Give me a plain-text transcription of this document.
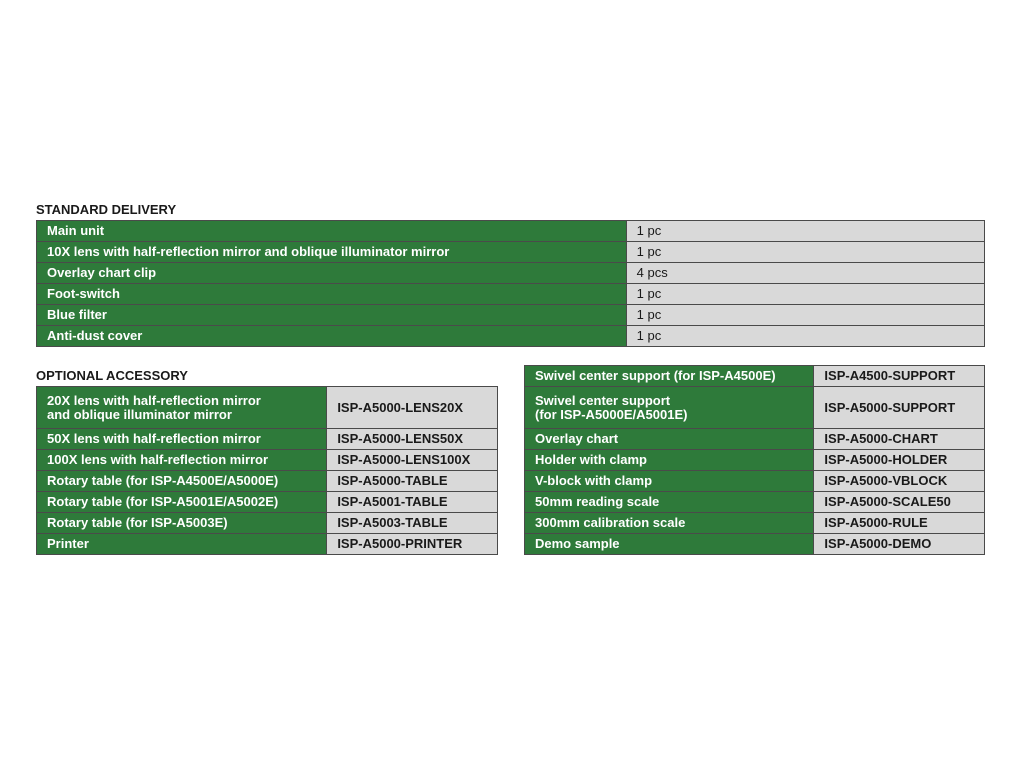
STANDARD DELIVERY
Main unit	1 pc
10X lens with half-reflection mirror and oblique illuminator mirror	1 pc
Overlay chart clip	4 pcs
Foot-switch	1 pc
Blue filter	1 pc
Anti-dust cover	1 pc
OPTIONAL ACCESSORY
20X lens with half-reflection mirror
and oblique illuminator mirror	ISP-A5000-LENS20X
50X lens with half-reflection mirror	ISP-A5000-LENS50X
100X lens with half-reflection mirror	ISP-A5000-LENS100X
Rotary table (for ISP-A4500E/A5000E)	ISP-A5000-TABLE
Rotary table (for ISP-A5001E/A5002E)	ISP-A5001-TABLE
Rotary table (for ISP-A5003E)	ISP-A5003-TABLE
Printer	ISP-A5000-PRINTER
Swivel center support (for ISP-A4500E)	ISP-A4500-SUPPORT

Swivel center support
(for ISP-A5000E/A5001E)	ISP-A5000-SUPPORT
Overlay chart	ISP-A5000-CHART
Holder with clamp	ISP-A5000-HOLDER
V-block with clamp	ISP-A5000-VBLOCK
50mm reading scale	ISP-A5000-SCALE50
300mm calibration scale	ISP-A5000-RULE
Demo sample	ISP-A5000-DEMO
